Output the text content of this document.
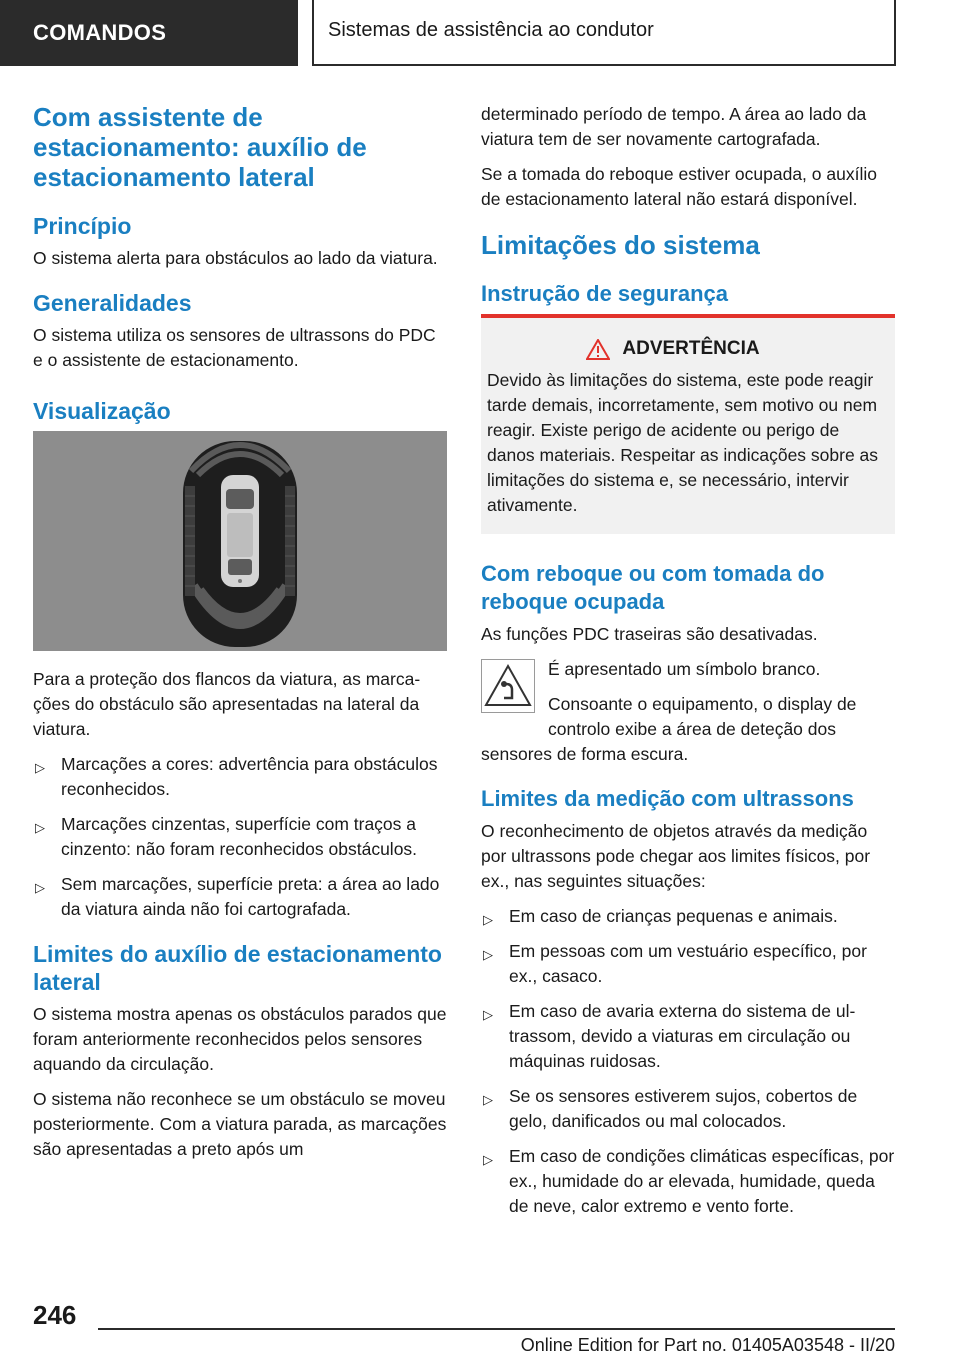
COMANDOS	Sistemas de assistência ao condutor
Com assistente de estacionamento: auxílio de estacionamento lateral
Princípio

O sistema alerta para obstáculos ao lado da viatura.

Generalidades

O sistema utiliza os sensores de ultrassons do PDC e o assistente de estacionamento.

Visualização

Para a proteção dos flancos da viatura, as marcações do obstáculo são apresentadas na lateral da viatura.

▷ Marcações a cores: advertência para obstáculos reconhecidos.
▷ Marcações cinzentas, superfície com traços a cinzento: não foram reconhecidos obstáculos.
▷ Sem marcações, superfície preta: a área ao lado da viatura ainda não foi cartografada.
Limites do auxílio de estacionamento lateral

O sistema mostra apenas os obstáculos parados que foram anteriormente reconhecidos pelos sensores aquando da circulação.

O sistema não reconhece se um obstáculo se moveu posteriormente. Com a viatura parada, as marcações são apresentadas a preto após um

determinado período de tempo. A área ao lado da viatura tem de ser novamente cartografada.

Se a tomada do reboque estiver ocupada, o auxílio de estacionamento lateral não estará disponível.

Limitações do sistema
Instrução de segurança
ADVERTÊNCIA

Devido às limitações do sistema, este pode reagir tarde demais, incorretamente, sem motivo ou nem reagir. Existe perigo de acidente ou perigo de danos materiais. Respeitar as indicações sobre as limitações do sistema e, se necessário, intervir ativamente.

Com reboque ou com tomada do reboque ocupada

As funções PDC traseiras são desativadas.

É apresentado um símbolo branco.

Consoante o equipamento, o display de controlo exibe a área de deteção dos

sensores de forma escura.

Limites da medição com ultrassons

O reconhecimento de objetos através da medição por ultrassons pode chegar aos limites físicos, por ex., nas seguintes situações:

▷ Em caso de crianças pequenas e animais.
▷ Em pessoas com um vestuário específico, por ex., casaco.
▷ Em caso de avaria externa do sistema de ultrassom, devido a viaturas em circulação ou máquinas ruidosas.
▷ Se os sensores estiverem sujos, cobertos de gelo, danificados ou mal colocados.
▷ Em caso de condições climáticas específicas, por ex., humidade do ar elevada, humidade, queda de neve, calor extremo e vento forte.
246
Online Edition for Part no. 01405A03548 - II/20
